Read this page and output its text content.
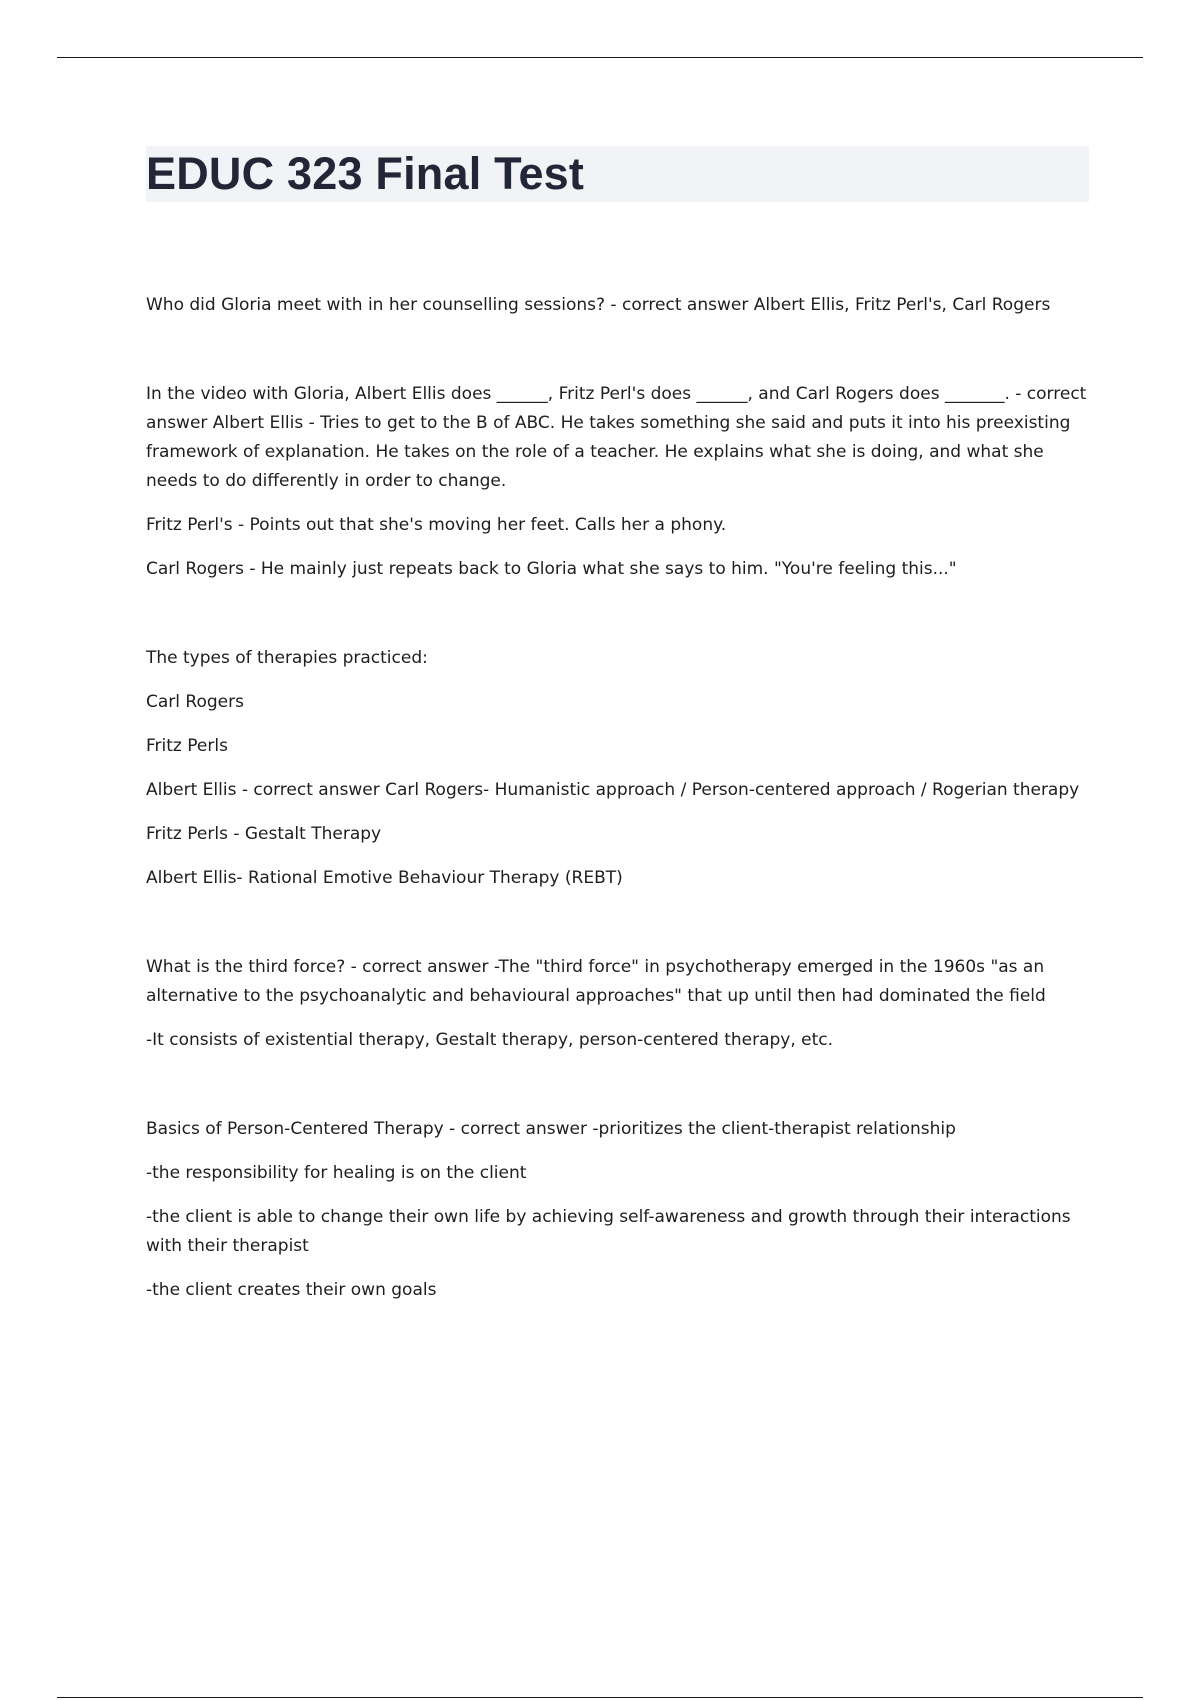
EDUC 323 Final Test

Who did Gloria meet with in her counselling sessions? - correct answer Albert Ellis, Fritz Perl's, Carl Rogers

In the video with Gloria, Albert Ellis does ______, Fritz Perl's does ______, and Carl Rogers does _______. - correct answer Albert Ellis - Tries to get to the B of ABC. He takes something she said and puts it into his preexisting framework of explanation. He takes on the role of a teacher. He explains what she is doing, and what she needs to do differently in order to change.

Fritz Perl's - Points out that she's moving her feet. Calls her a phony.

Carl Rogers - He mainly just repeats back to Gloria what she says to him. "You're feeling this..."

The types of therapies practiced:

Carl Rogers

Fritz Perls

Albert Ellis - correct answer Carl Rogers- Humanistic approach / Person-centered approach / Rogerian therapy

Fritz Perls - Gestalt Therapy

Albert Ellis- Rational Emotive Behaviour Therapy (REBT)

What is the third force? - correct answer -The "third force" in psychotherapy emerged in the 1960s "as an alternative to the psychoanalytic and behavioural approaches" that up until then had dominated the field

-It consists of existential therapy, Gestalt therapy, person-centered therapy, etc.

Basics of Person-Centered Therapy - correct answer -prioritizes the client-therapist relationship

-the responsibility for healing is on the client

-the client is able to change their own life by achieving self-awareness and growth through their interactions with their therapist

-the client creates their own goals
